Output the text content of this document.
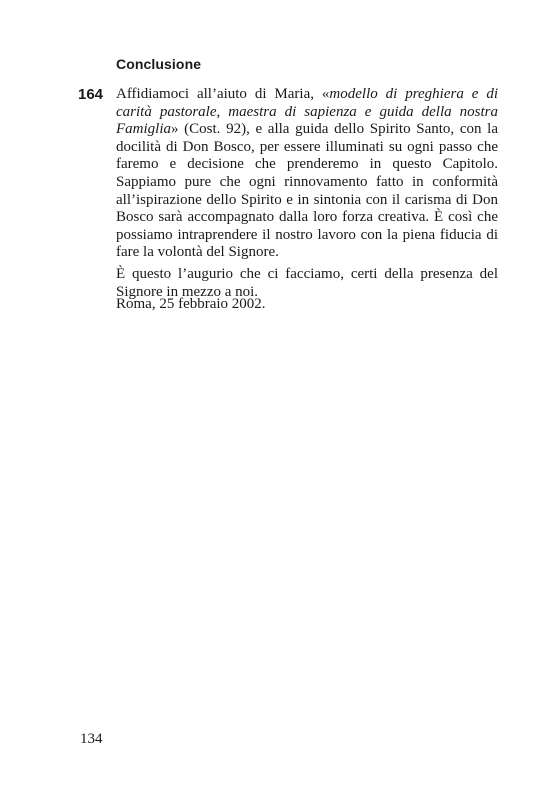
Conclusione
164 Affidiamoci all’aiuto di Maria, «modello di preghiera e di carità pastorale, maestra di sapienza e guida della nostra Famiglia» (Cost. 92), e alla guida dello Spirito Santo, con la docilità di Don Bosco, per essere illuminati su ogni passo che faremo e decisione che prenderemo in questo Capitolo. Sappiamo pure che ogni rinnovamento fatto in conformità all’ispirazione dello Spirito e in sintonia con il carisma di Don Bosco sarà accompagnato dalla loro forza creativa. È così che possiamo intraprendere il nostro lavoro con la piena fiducia di fare la volontà del Signore.

È questo l’augurio che ci facciamo, certi della presenza del Signore in mezzo a noi.

Roma, 25 febbraio 2002.
134
